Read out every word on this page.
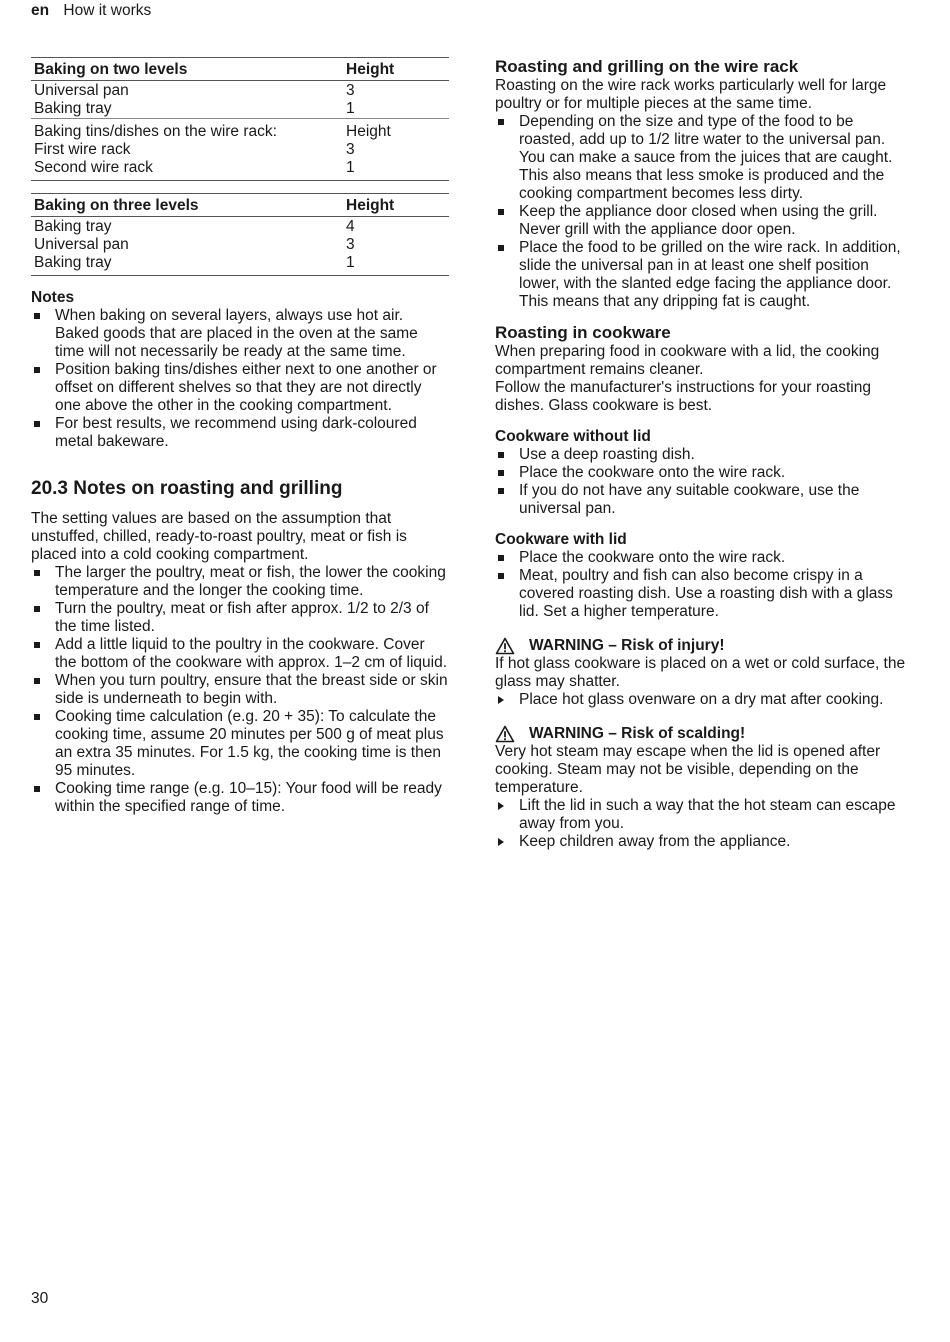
en How it works
Baking on two levels	Height
Universal pan	3
Baking tray	1
Baking tins/dishes on the wire rack:	Height
First wire rack	3
Second wire rack	1
Baking on three levels	Height
Baking tray	4
Universal pan	3
Baking tray	1
Notes
When baking on several layers, always use hot air. Baked goods that are placed in the oven at the same time will not necessarily be ready at the same time.
Position baking tins/dishes either next to one another or offset on different shelves so that they are not directly one above the other in the cooking compartment.
For best results, we recommend using dark-coloured metal bakeware.
20.3 Notes on roasting and grilling

The setting values are based on the assumption that unstuffed, chilled, ready-to-roast poultry, meat or fish is placed into a cold cooking compartment.

The larger the poultry, meat or fish, the lower the cooking temperature and the longer the cooking time.
Turn the poultry, meat or fish after approx. 1/2 to 2/3 of the time listed.
Add a little liquid to the poultry in the cookware. Cover the bottom of the cookware with approx. 1–2 cm of liquid.
When you turn poultry, ensure that the breast side or skin side is underneath to begin with.
Cooking time calculation (e.g. 20 + 35): To calculate the cooking time, assume 20 minutes per 500 g of meat plus an extra 35 minutes. For 1.5 kg, the cooking time is then 95 minutes.
Cooking time range (e.g. 10–15): Your food will be ready within the specified range of time.
Roasting and grilling on the wire rack

Roasting on the wire rack works particularly well for large poultry or for multiple pieces at the same time.

Depending on the size and type of the food to be roasted, add up to 1/2 litre water to the universal pan.
You can make a sauce from the juices that are caught. This also means that less smoke is produced and the cooking compartment becomes less dirty.
Keep the appliance door closed when using the grill.
Never grill with the appliance door open.
Place the food to be grilled on the wire rack. In addition, slide the universal pan in at least one shelf position lower, with the slanted edge facing the appliance door. This means that any dripping fat is caught.
Roasting in cookware

When preparing food in cookware with a lid, the cooking compartment remains cleaner.

Follow the manufacturer's instructions for your roasting dishes. Glass cookware is best.

Cookware without lid
Use a deep roasting dish.
Place the cookware onto the wire rack.
If you do not have any suitable cookware, use the universal pan.
Cookware with lid
Place the cookware onto the wire rack.
Meat, poultry and fish can also become crispy in a covered roasting dish. Use a roasting dish with a glass lid. Set a higher temperature.
WARNING – Risk of injury!

If hot glass cookware is placed on a wet or cold surface, the glass may shatter.

Place hot glass ovenware on a dry mat after cooking.
WARNING – Risk of scalding!

Very hot steam may escape when the lid is opened after cooking. Steam may not be visible, depending on the temperature.

Lift the lid in such a way that the hot steam can escape away from you.
Keep children away from the appliance.
30
